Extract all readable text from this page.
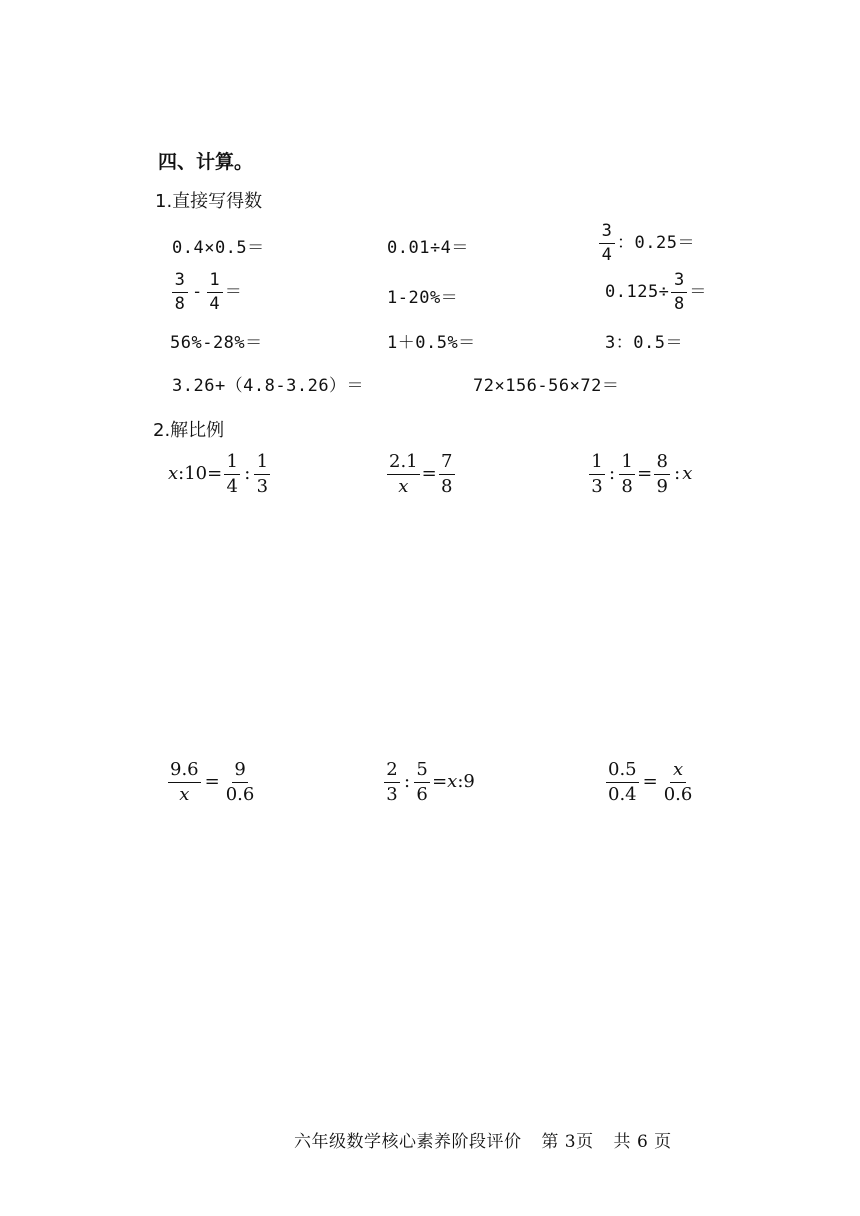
四、计算。
1.直接写得数
0.4×0.5＝	0.01÷4＝	$\frac{3}{4}$ ：0.25＝
$\frac{3}{8} - \frac{1}{4}$ ＝	1-20%＝	$0.125\div \frac{3}{8}$ ＝
56%-28%＝	1＋0.5%＝	3：0.5＝
3.26+（4.8-3.26）＝	72×156-56×72＝
2.解比例
x : $10= \frac{1}{4}$ : $\frac{1}{3}$	$\frac{2.1}{x} = \frac{7}{8}$	$\frac{1}{3}$ : $\frac{1}{8} = \frac{8}{9}$ : x
$\frac{9.6}{x} = \frac{9}{0.6}$	$\frac{2}{3}$ : $\frac{5}{6} = x$ : 9	$\frac{0.5}{0.4} = \frac{x}{0.6}$
六年级数学核心素养阶段评价 第 3页 共 6 页
